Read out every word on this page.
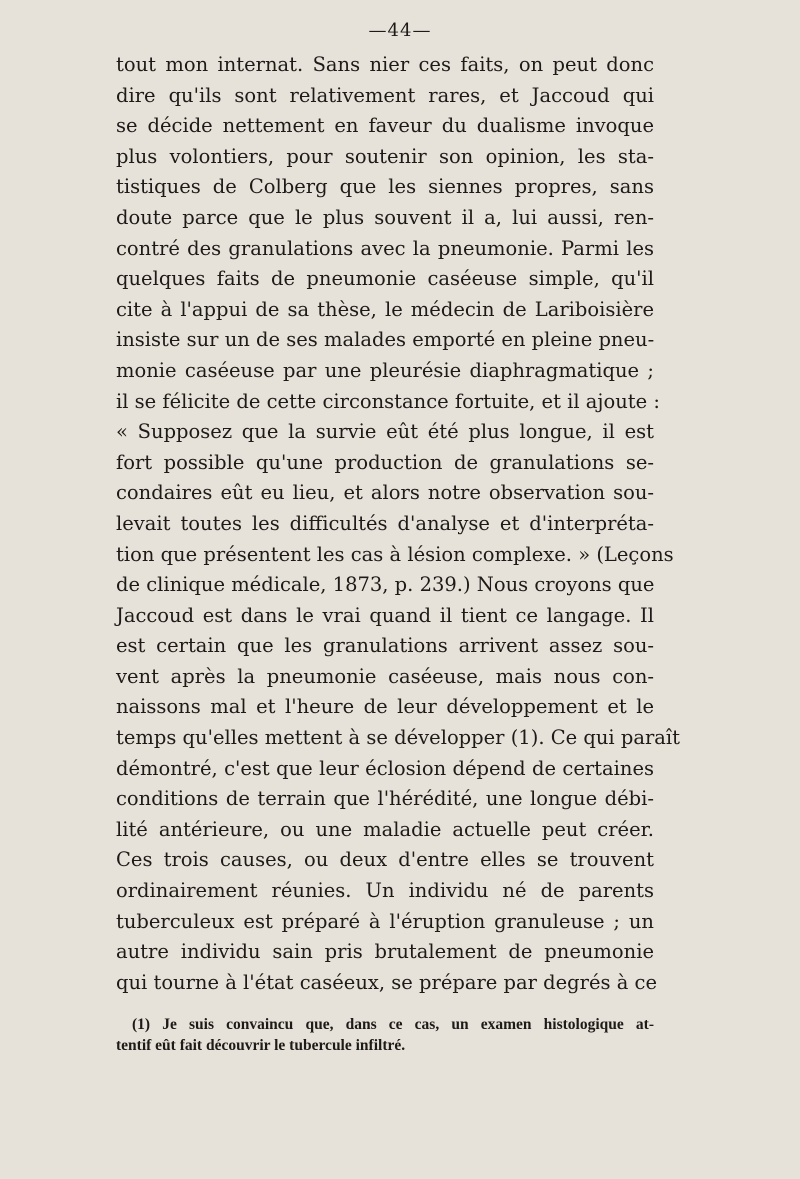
—44—
tout mon internat. Sans nier ces faits, on peut donc
dire qu'ils sont relativement rares, et Jaccoud qui
se décide nettement en faveur du dualisme invoque
plus volontiers, pour soutenir son opinion, les sta-
tistiques de Colberg que les siennes propres, sans
doute parce que le plus souvent il a, lui aussi, ren-
contré des granulations avec la pneumonie. Parmi les
quelques faits de pneumonie caséeuse simple, qu'il
cite à l'appui de sa thèse, le médecin de Lariboisière
insiste sur un de ses malades emporté en pleine pneu-
monie caséeuse par une pleurésie diaphragmatique ;
il se félicite de cette circonstance fortuite, et il ajoute :
« Supposez que la survie eût été plus longue, il est
fort possible qu'une production de granulations se-
condaires eût eu lieu, et alors notre observation sou-
levait toutes les difficultés d'analyse et d'interpréta-
tion que présentent les cas à lésion complexe. » (Leçons
de clinique médicale, 1873, p. 239.) Nous croyons que
Jaccoud est dans le vrai quand il tient ce langage. Il
est certain que les granulations arrivent assez sou-
vent après la pneumonie caséeuse, mais nous con-
naissons mal et l'heure de leur développement et le
temps qu'elles mettent à se développer (1). Ce qui paraît
démontré, c'est que leur éclosion dépend de certaines
conditions de terrain que l'hérédité, une longue débi-
lité antérieure, ou une maladie actuelle peut créer.
Ces trois causes, ou deux d'entre elles se trouvent
ordinairement réunies. Un individu né de parents
tuberculeux est préparé à l'éruption granuleuse ; un
autre individu sain pris brutalement de pneumonie
qui tourne à l'état caséeux, se prépare par degrés à ce
(1) Je suis convaincu que, dans ce cas, un examen histologique at-
tentif eût fait découvrir le tubercule infiltré.
